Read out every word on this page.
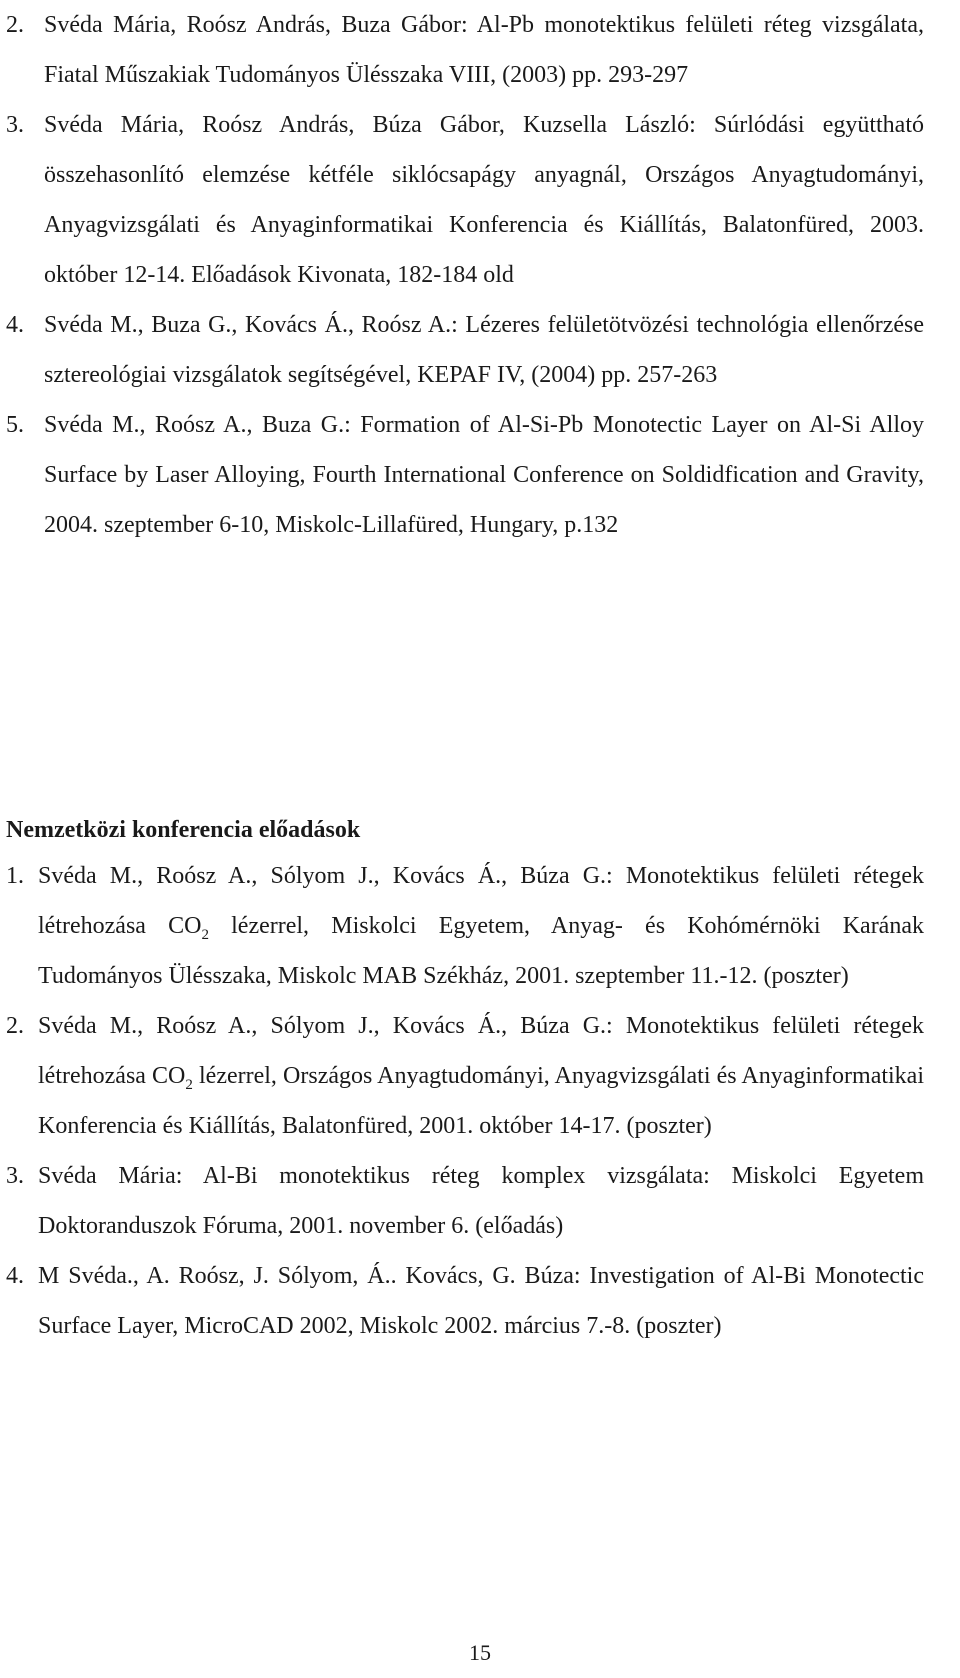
2. Svéda Mária, Roósz András, Buza Gábor: Al-Pb monotektikus felületi réteg vizsgálata, Fiatal Műszakiak Tudományos Ülésszaka VIII, (2003) pp. 293-297
3. Svéda Mária, Roósz András, Búza Gábor, Kuzsella László: Súrlódási együttható összehasonlító elemzése kétféle siklócsapágy anyagnál, Országos Anyagtudományi, Anyagvizsgálati és Anyaginformatikai Konferencia és Kiállítás, Balatonfüred, 2003. október 12-14. Előadások Kivonata, 182-184 old
4. Svéda M., Buza G., Kovács Á., Roósz A.: Lézeres felületötvözési technológia ellenőrzése sztereológiai vizsgálatok segítségével, KEPAF IV, (2004) pp. 257-263
5. Svéda M., Roósz A., Buza G.: Formation of Al-Si-Pb Monotectic Layer on Al-Si Alloy Surface by Laser Alloying, Fourth International Conference on Soldidfication and Gravity, 2004. szeptember 6-10, Miskolc-Lillafüred, Hungary, p.132
Nemzetközi konferencia előadások
1. Svéda M., Roósz A., Sólyom J., Kovács Á., Búza G.: Monotektikus felületi rétegek létrehozása $CO_2$ lézerrel, Miskolci Egyetem, Anyag- és Kohómérnöki Karának Tudományos Ülésszaka, Miskolc MAB Székház, 2001. szeptember 11.-12. (poszter)
2. Svéda M., Roósz A., Sólyom J., Kovács Á., Búza G.: Monotektikus felületi rétegek létrehozása $CO_2$ lézerrel, Országos Anyagtudományi, Anyagvizsgálati és Anyaginformatikai Konferencia és Kiállítás, Balatonfüred, 2001. október 14-17. (poszter)
3. Svéda Mária: Al-Bi monotektikus réteg komplex vizsgálata: Miskolci Egyetem Doktoranduszok Fóruma, 2001. november 6. (előadás)
4. M Svéda., A. Roósz, J. Sólyom, Á.. Kovács, G. Búza: Investigation of Al-Bi Monotectic Surface Layer, MicroCAD 2002, Miskolc 2002. március 7.-8. (poszter)
15
